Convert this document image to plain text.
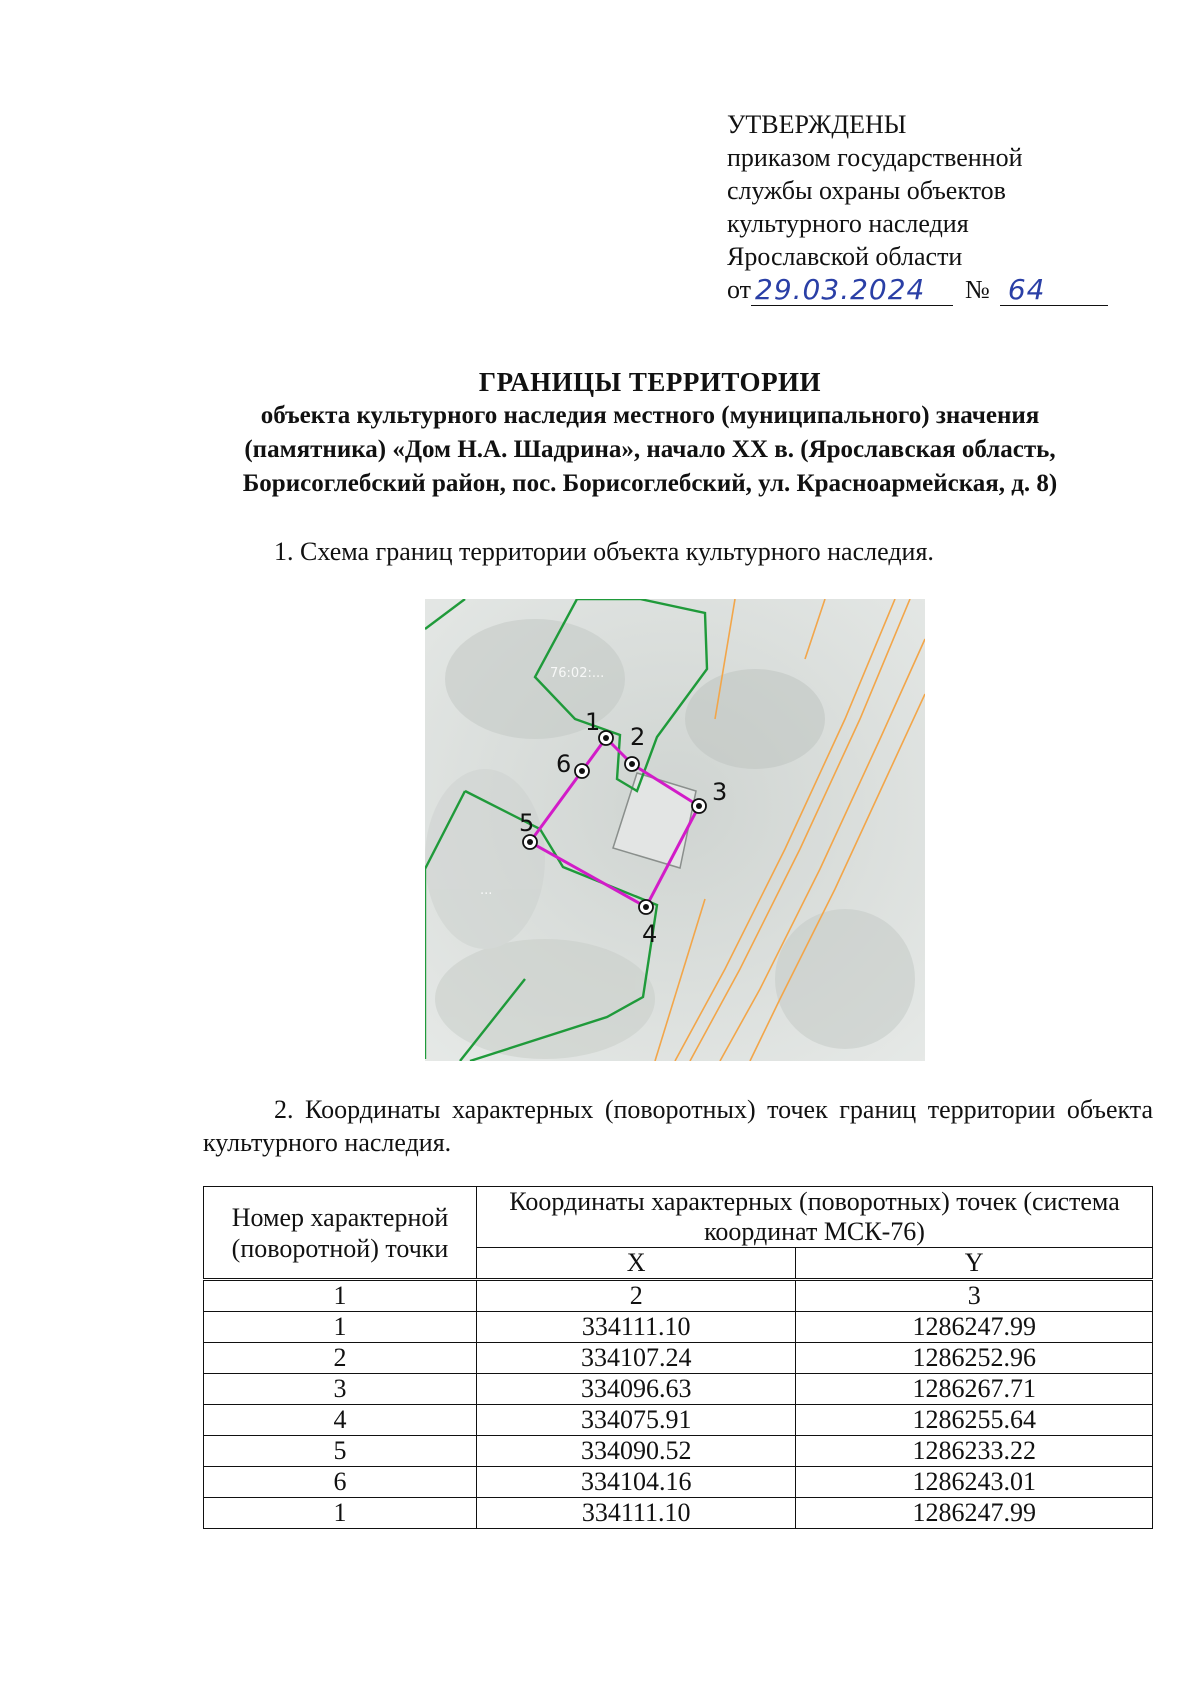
УТВЕРЖДЕНЫ
приказом государственной
службы охраны объектов
культурного наследия
Ярославской области
от 29.03.2024	№ 64
ГРАНИЦЫ ТЕРРИТОРИИ
объекта культурного наследия местного (муниципального) значения
(памятника) «Дом Н.А. Шадрина», начало XX в. (Ярославская область,
Борисоглебский район, пос. Борисоглебский, ул. Красноармейская, д. 8)
1. Схема границ территории объекта культурного наследия.
76:02:...
...
1
2
3
4
5
6
2. Координаты характерных (поворотных) точек границ территории объекта культурного наследия.
Номер характерной (поворотной) точки	Координаты характерных (поворотных) точек (система координат МСК-76)	
	X	Y
1	2	3
1	334111.10	1286247.99
2	334107.24	1286252.96
3	334096.63	1286267.71
4	334075.91	1286255.64
5	334090.52	1286233.22
6	334104.16	1286243.01
1	334111.10	1286247.99
